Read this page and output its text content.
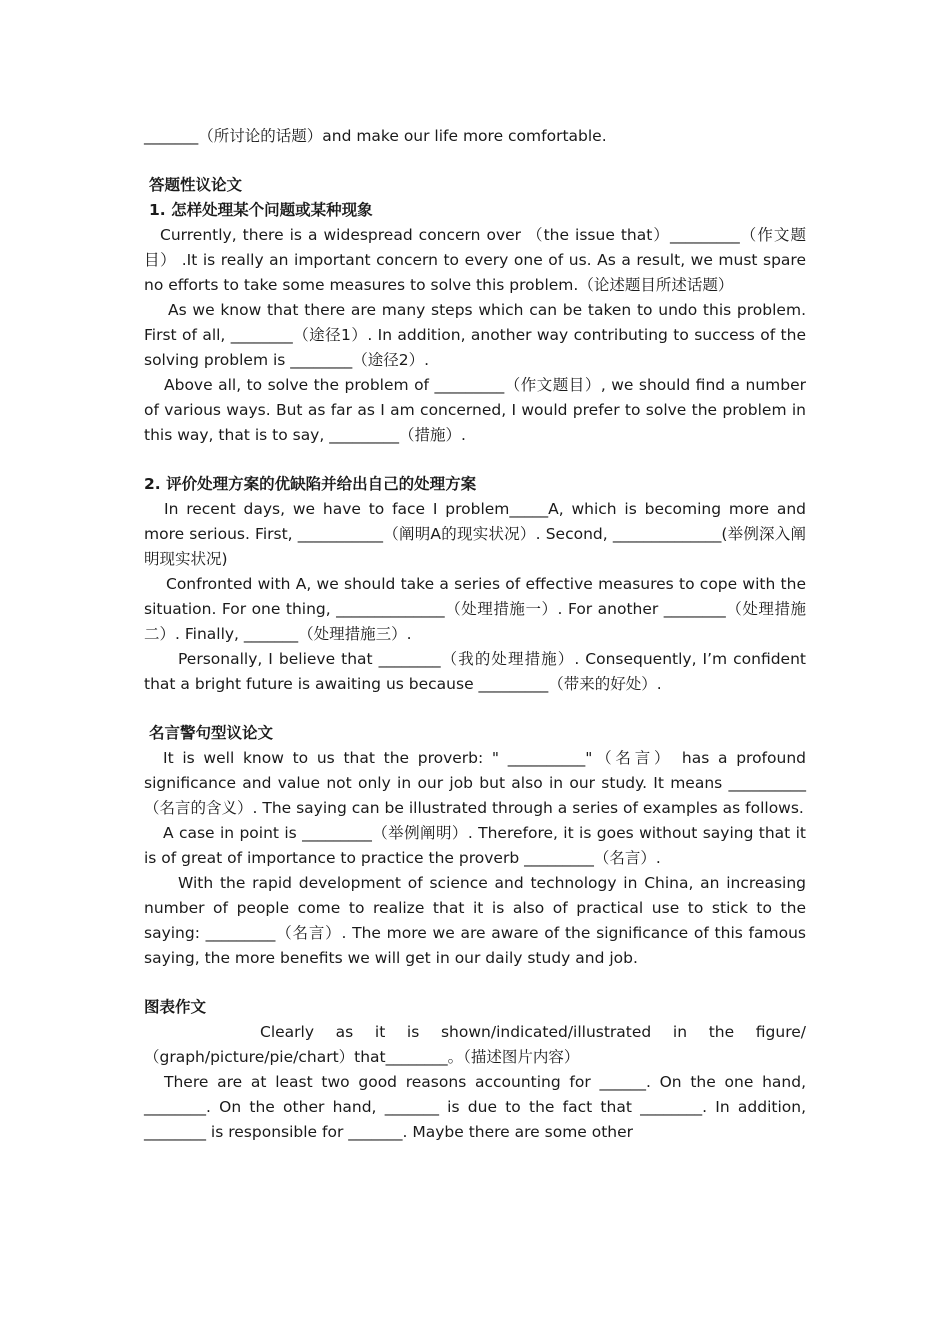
_______（所讨论的话题）and make our life more comfortable.

答题性议论文

1. 怎样处理某个问题或某种现象

Currently, there is a widespread concern over （the issue that）_________（作文题目） .It is really an important concern to every one of us. As a result, we must spare no efforts to take some measures to solve this problem.（论述题目所述话题）

As we know that there are many steps which can be taken to undo this problem. First of all, ________（途径1）. In addition, another way contributing to success of the solving problem is ________（途径2）.

Above all, to solve the problem of _________（作文题目）, we should find a number of various ways. But as far as I am concerned, I would prefer to solve the problem in this way, that is to say, _________（措施）.

2. 评价处理方案的优缺陷并给出自己的处理方案

In recent days, we have to face I problem_____A, which is becoming more and more serious. First, ___________（阐明A的现实状况）. Second, ______________(举例深入阐明现实状况)

Confronted with A, we should take a series of effective measures to cope with the situation. For one thing, ______________（处理措施一）. For another ________（处理措施二）. Finally, _______（处理措施三）.

Personally, I believe that ________（我的处理措施）. Consequently, I’m confident that a bright future is awaiting us because _________（带来的好处）.

名言警句型议论文

It is well know to us that the proverb: " __________"（名言） has a profound significance and value not only in our job but also in our study. It means __________（名言的含义）. The saying can be illustrated through a series of examples as follows.

A case in point is _________（举例阐明）. Therefore, it is goes without saying that it is of great of importance to practice the proverb _________（名言）.

With the rapid development of science and technology in China, an increasing number of people come to realize that it is also of practical use to stick to the saying: _________（名言）. The more we are aware of the significance of this famous saying, the more benefits we will get in our daily study and job.

图表作文

Clearly as it is shown/indicated/illustrated in the figure/（graph/picture/pie/chart）that________。（描述图片内容）

There are at least two good reasons accounting for ______. On the one hand, ________. On the other hand, _______ is due to the fact that ________. In addition, ________ is responsible for _______. Maybe there are some other
